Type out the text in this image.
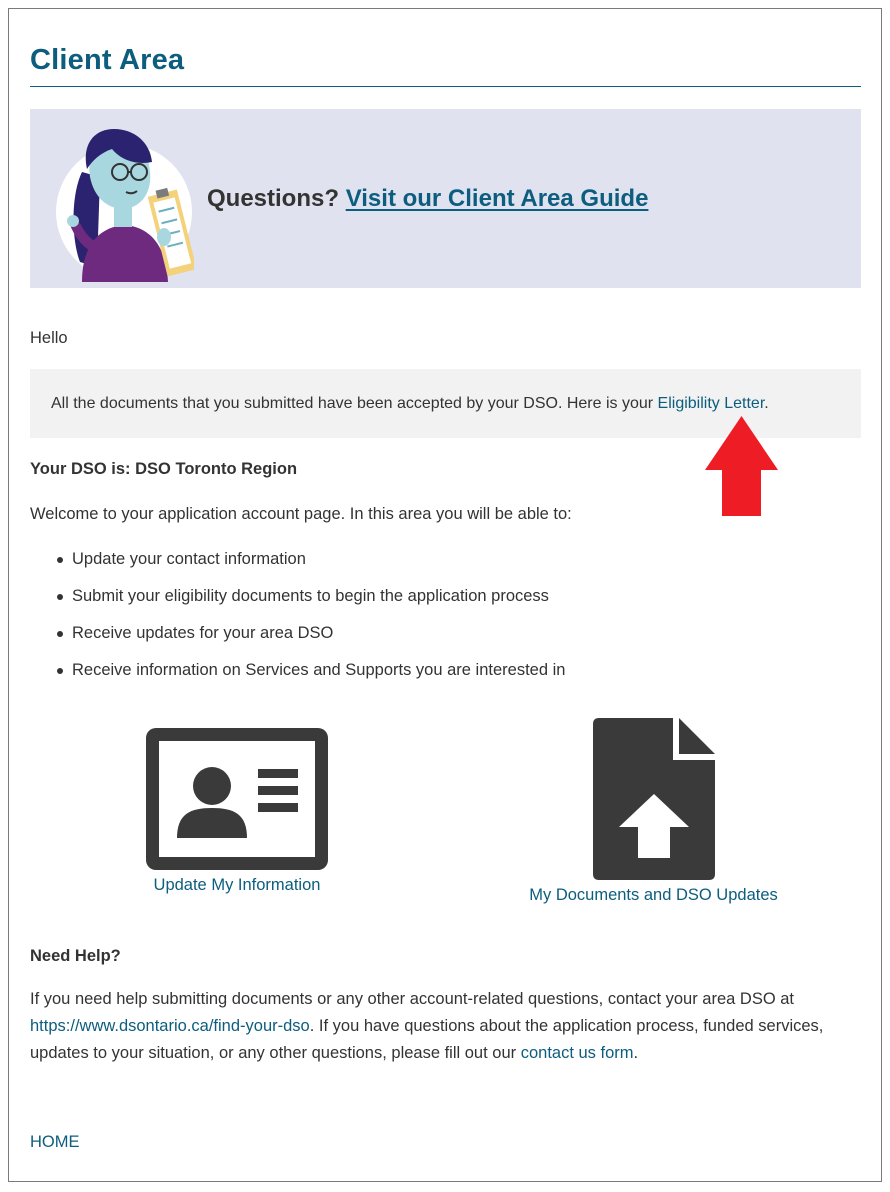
Client Area
Questions? Visit our Client Area Guide
Hello
All the documents that you submitted have been accepted by your DSO. Here is your Eligibility Letter.
Your DSO is: DSO Toronto Region
Welcome to your application account page. In this area you will be able to:
Update your contact information
Submit your eligibility documents to begin the application process
Receive updates for your area DSO
Receive information on Services and Supports you are interested in
Update My Information
My Documents and DSO Updates
Need Help?

If you need help submitting documents or any other account-related questions, contact your area DSO at https://www.dsontario.ca/find-your-dso. If you have questions about the application process, funded services, updates to your situation, or any other questions, please fill out our contact us form.

HOME
